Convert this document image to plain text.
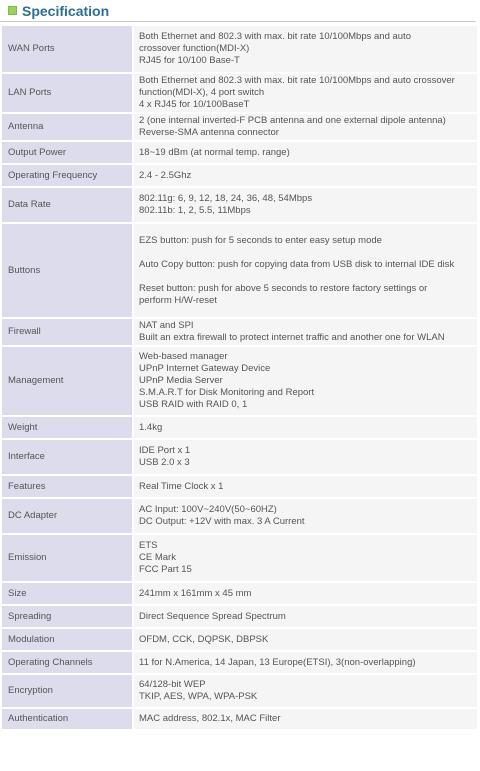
Specification
WAN Ports	Both Ethernet and 802.3 with max. bit rate 10/100Mbps and auto
crossover function(MDI-X)
RJ45 for 10/100 Base-T

LAN Ports	Both Ethernet and 802.3 with max. bit rate 10/100Mbps and auto crossover
function(MDI-X), 4 port switch
4 x RJ45 for 10/100BaseT

Antenna	2 (one internal inverted-F PCB antenna and one external dipole antenna)
Reverse-SMA antenna connector

Output Power	18~19 dBm (at normal temp. range)

Operating Frequency	2.4 - 2.5Ghz

Data Rate	802.11g: 6, 9, 12, 18, 24, 36, 48, 54Mbps
802.11b: 1, 2, 5.5, 11Mbps

Buttons	EZS button: push for 5 seconds to enter easy setup mode
Auto Copy button: push for copying data from USB disk to internal IDE disk
Reset button: push for above 5 seconds to restore factory settings or
perform H/W-reset

Firewall	NAT and SPI
Built an extra firewall to protect internet traffic and another one for WLAN

Management	Web-based manager
UPnP Internet Gateway Device
UPnP Media Server
S.M.A.R.T for Disk Monitoring and Report
USB RAID with RAID 0, 1

Weight	1.4kg

Interface	IDE Port x 1
USB 2.0 x 3

Features	Real Time Clock x 1

DC Adapter	AC Input: 100V~240V(50~60HZ)
DC Output: +12V with max. 3 A Current

Emission	ETS
CE Mark
FCC Part 15

Size	241mm x 161mm x 45 mm

Spreading	Direct Sequence Spread Spectrum

Modulation	OFDM, CCK, DQPSK, DBPSK

Operating Channels	11 for N.America, 14 Japan, 13 Europe(ETSI), 3(non-overlapping)

Encryption	64/128-bit WEP
TKIP, AES, WPA, WPA-PSK

Authentication	MAC address, 802.1x, MAC Filter
